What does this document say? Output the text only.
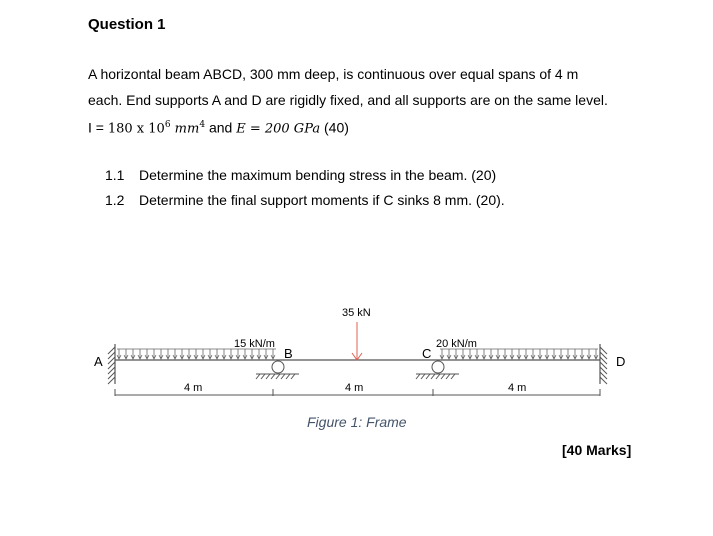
Question 1
A horizontal beam ABCD, 300 mm deep, is continuous over equal spans of 4 m
each. End supports A and D are rigidly fixed, and all supports are on the same level.
I = 180 x $10^6$ $mm^4$ and E = 200 GPa (40)
1.1 Determine the maximum bending stress in the beam. (20)
1.2 Determine the final support moments if C sinks 8 mm. (20).
35 kN
15 kN/m	20 kN/m
A
B	C
D
4 m	4 m	4 m
Figure 1: Frame
[40 Marks]
